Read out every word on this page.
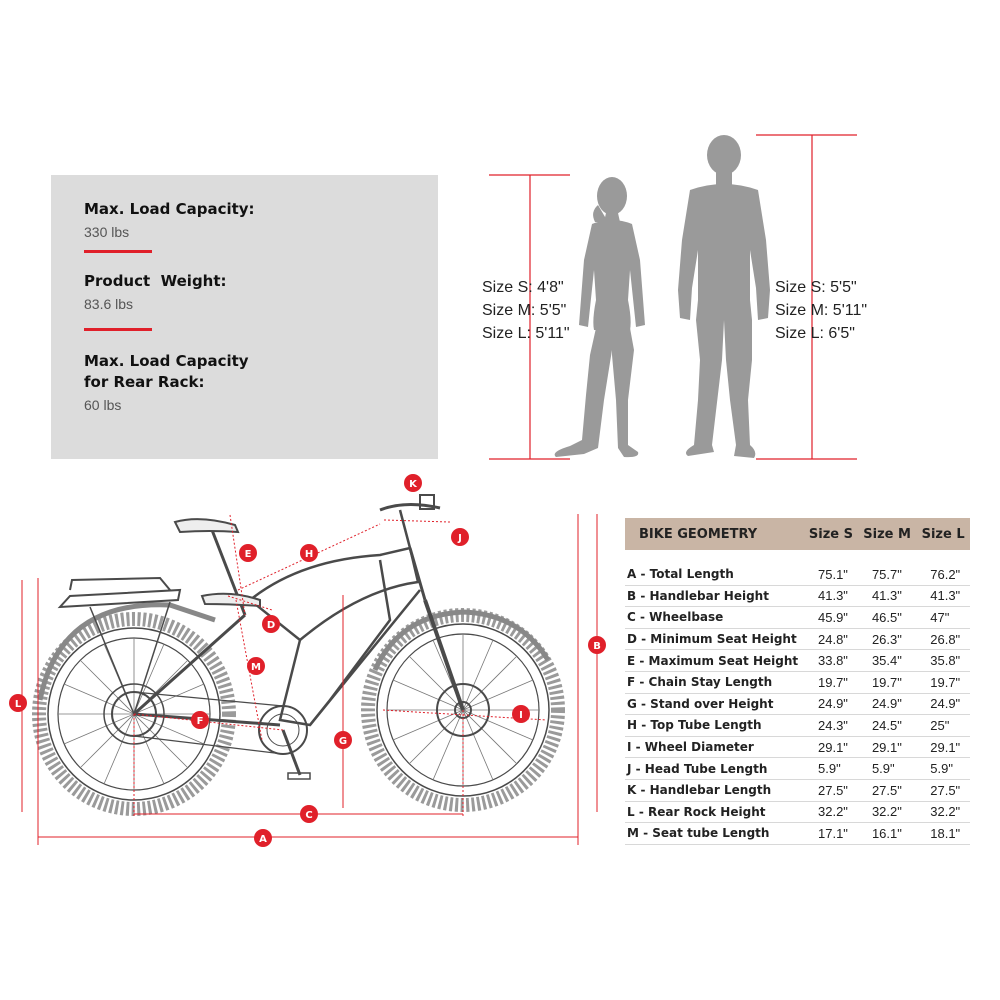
Max. Load Capacity:
330 lbs
Product  Weight:
83.6 lbs
Max. Load Capacity
for Rear Rack:
60 lbs
A
B
C
D
E
F
G
H
I
J
K
L
M
Size S: 4'8"
Size M: 5'5"
Size L: 5'11"
Size S: 5'5"
Size M: 5'11"
Size L: 6'5"
BIKE GEOMETRY	Size S	Size M	Size L

A - Total Length	75.1"	75.7"	76.2"
B - Handlebar Height	41.3"	41.3"	41.3"
C - Wheelbase	45.9"	46.5"	47"
D - Minimum Seat Height	24.8"	26.3"	26.8"
E - Maximum Seat Height	33.8"	35.4"	35.8"
F - Chain Stay Length	19.7"	19.7"	19.7"
G - Stand over Height	24.9"	24.9"	24.9"
H - Top Tube Length	24.3"	24.5"	25"
I - Wheel Diameter	29.1"	29.1"	29.1"
J - Head Tube Length	5.9"	5.9"	5.9"
K - Handlebar Length	27.5"	27.5"	27.5"
L - Rear Rock Height	32.2"	32.2"	32.2"
M - Seat tube Length	17.1"	16.1"	18.1"
